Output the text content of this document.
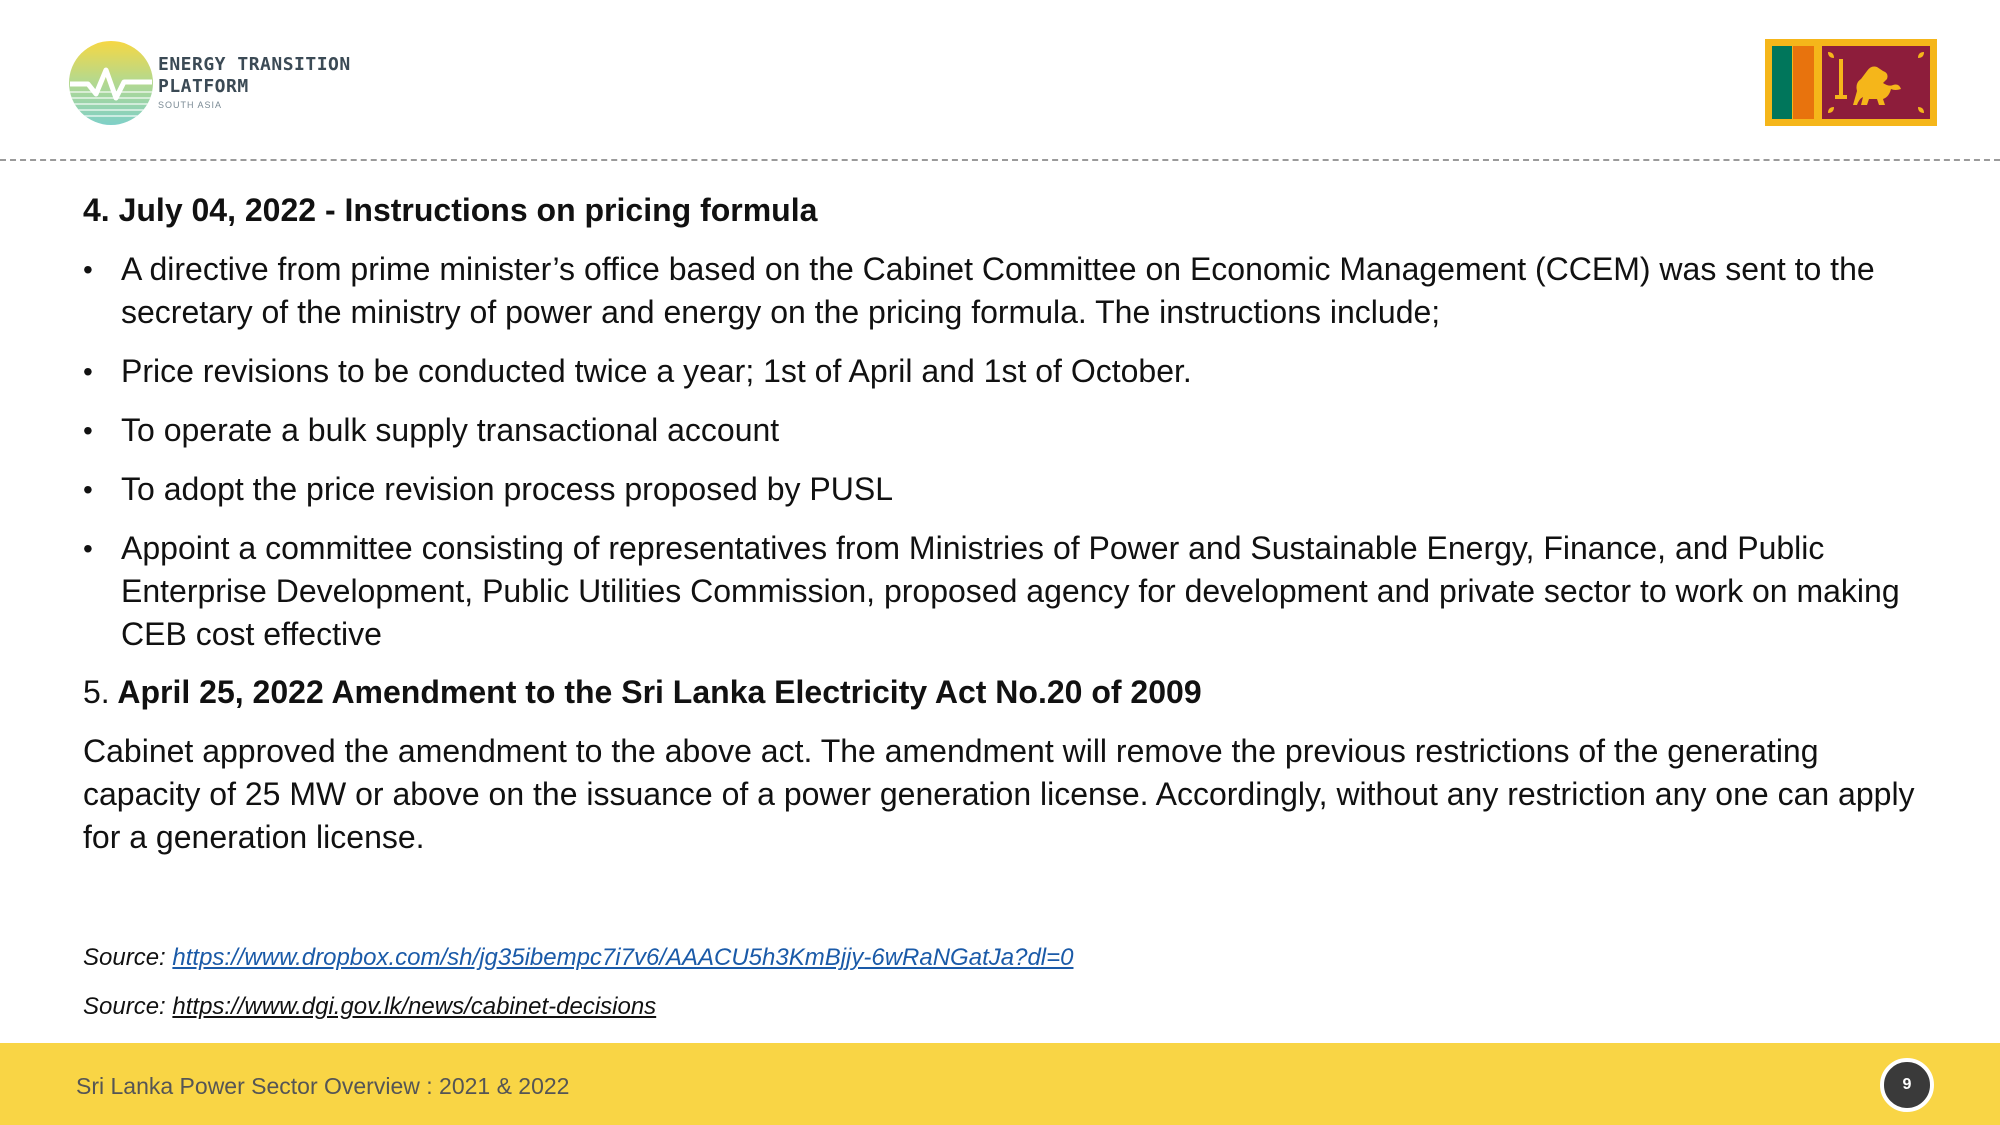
ENERGY TRANSITION
PLATFORM
SOUTH ASIA
4. July 04, 2022 - Instructions on pricing formula
• A directive from prime minister’s office based on the Cabinet Committee on Economic Management (CCEM) was sent to the secretary of the ministry of power and energy on the pricing formula. The instructions include;
• Price revisions to be conducted twice a year; 1st of April and 1st of October.
• To operate a bulk supply transactional account
• To adopt the price revision process proposed by PUSL
• Appoint a committee consisting of representatives from Ministries of Power and Sustainable Energy, Finance, and Public Enterprise Development, Public Utilities Commission, proposed agency for development and private sector to work on making CEB cost effective
5. April 25, 2022 Amendment to the Sri Lanka Electricity Act No.20 of 2009

Cabinet approved the amendment to the above act. The amendment will remove the previous restrictions of the generating capacity of 25 MW or above on the issuance of a power generation license. Accordingly, without any restriction any one can apply for a generation license.

Source: https://www.dropbox.com/sh/jg35ibempc7i7v6/AAACU5h3KmBjjy-6wRaNGatJa?dl=0
Source: https://www.dgi.gov.lk/news/cabinet-decisions
Sri Lanka Power Sector Overview : 2021 & 2022	9
